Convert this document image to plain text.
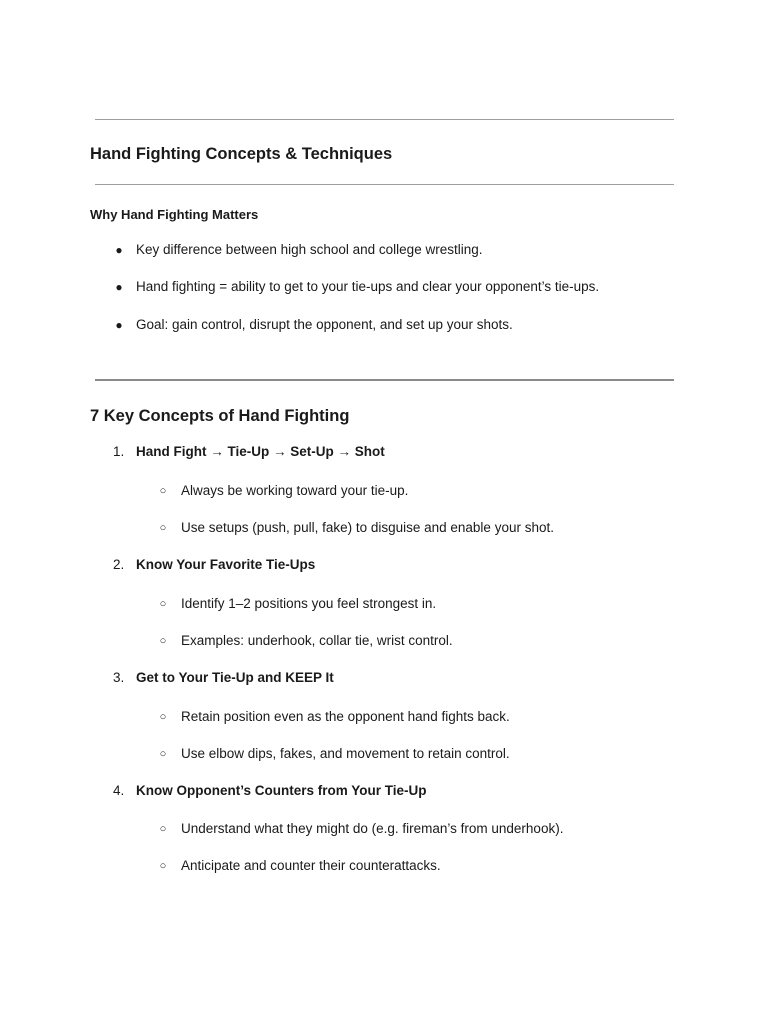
Hand Fighting Concepts & Techniques
Why Hand Fighting Matters
● Key difference between high school and college wrestling.
● Hand fighting = ability to get to your tie-ups and clear your opponent’s tie-ups.
● Goal: gain control, disrupt the opponent, and set up your shots.
7 Key Concepts of Hand Fighting
1. Hand Fight → Tie-Up → Set-Up → Shot
○ Always be working toward your tie-up.
○ Use setups (push, pull, fake) to disguise and enable your shot.
2. Know Your Favorite Tie-Ups
○ Identify 1–2 positions you feel strongest in.
○ Examples: underhook, collar tie, wrist control.
3. Get to Your Tie-Up and KEEP It
○ Retain position even as the opponent hand fights back.
○ Use elbow dips, fakes, and movement to retain control.
4. Know Opponent’s Counters from Your Tie-Up
○ Understand what they might do (e.g. fireman’s from underhook).
○ Anticipate and counter their counterattacks.
